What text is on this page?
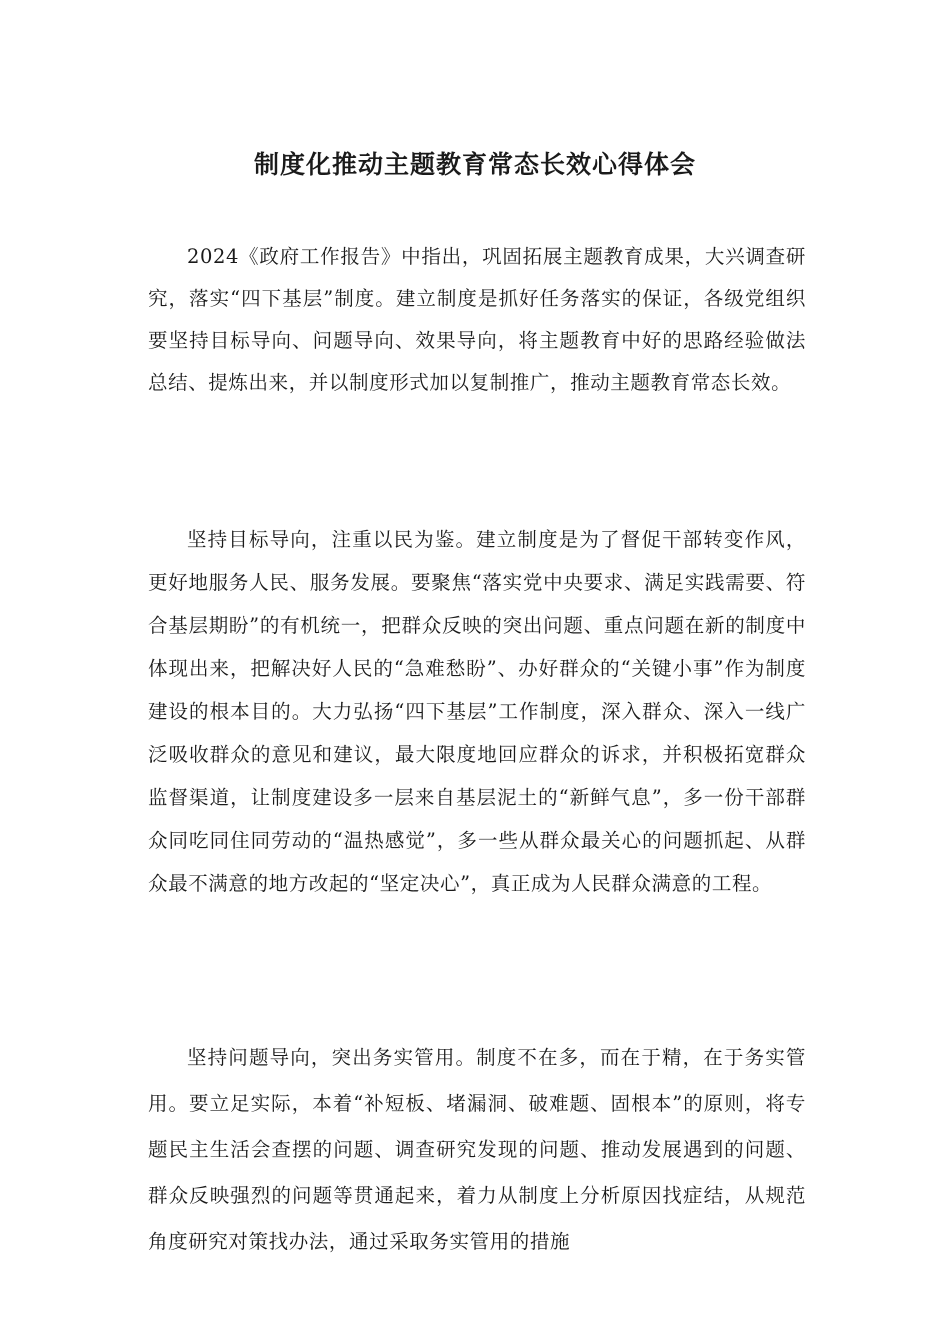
制度化推动主题教育常态长效心得体会

2024《政府工作报告》中指出，巩固拓展主题教育成果，大兴调查研究，落实“四下基层”制度。建立制度是抓好任务落实的保证，各级党组织要坚持目标导向、问题导向、效果导向，将主题教育中好的思路经验做法总结、提炼出来，并以制度形式加以复制推广，推动主题教育常态长效。

坚持目标导向，注重以民为鉴。建立制度是为了督促干部转变作风，更好地服务人民、服务发展。要聚焦“落实党中央要求、满足实践需要、符合基层期盼”的有机统一，把群众反映的突出问题、重点问题在新的制度中体现出来，把解决好人民的“急难愁盼”、办好群众的“关键小事”作为制度建设的根本目的。大力弘扬“四下基层”工作制度，深入群众、深入一线广泛吸收群众的意见和建议，最大限度地回应群众的诉求，并积极拓宽群众监督渠道，让制度建设多一层来自基层泥土的“新鲜气息”，多一份干部群众同吃同住同劳动的“温热感觉”，多一些从群众最关心的问题抓起、从群众最不满意的地方改起的“坚定决心”，真正成为人民群众满意的工程。

坚持问题导向，突出务实管用。制度不在多，而在于精，在于务实管用。要立足实际，本着“补短板、堵漏洞、破难题、固根本”的原则，将专题民主生活会查摆的问题、调查研究发现的问题、推动发展遇到的问题、群众反映强烈的问题等贯通起来，着力从制度上分析原因找症结，从规范角度研究对策找办法，通过采取务实管用的措施
